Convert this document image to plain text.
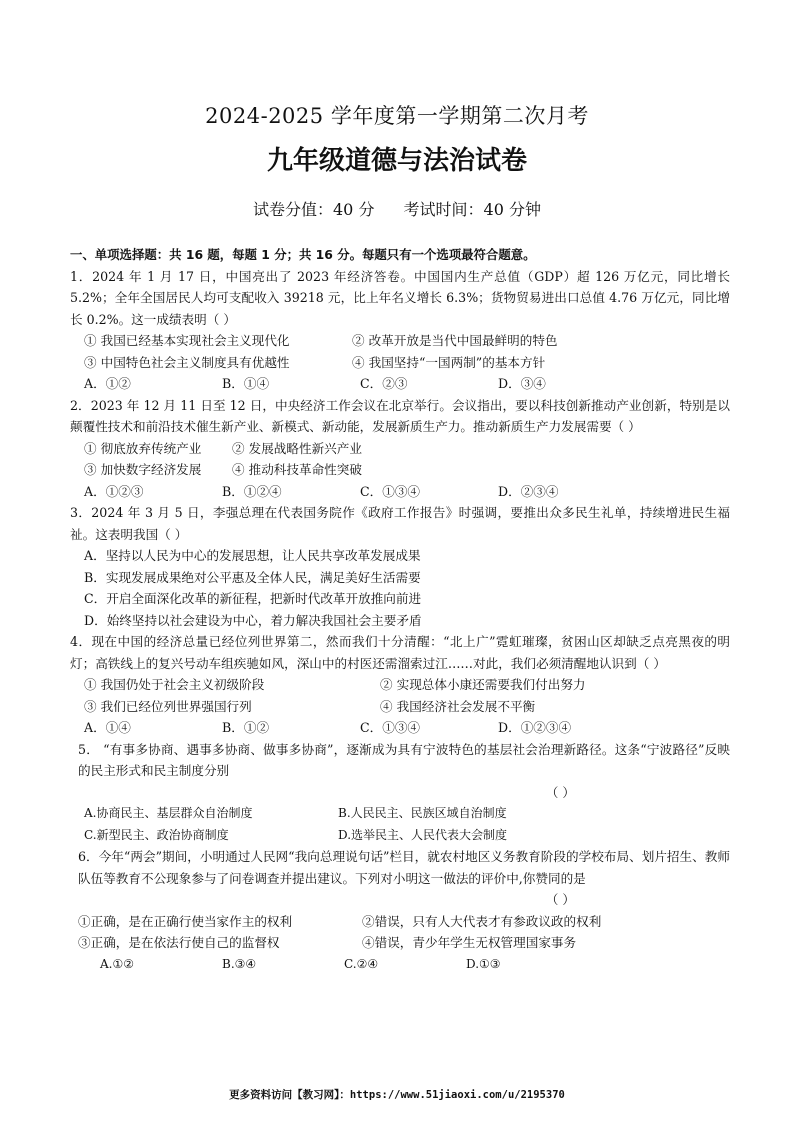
2024-2025 学年度第一学期第二次月考
九年级道德与法治试卷
试卷分值：40 分 考试时间：40 分钟

一、单项选择题：共 16 题，每题 1 分；共 16 分。每题只有一个选项最符合题意。

1．2024 年 1 月 17 日，中国亮出了 2023 年经济答卷。中国国内生产总值（GDP）超 126 万亿元，同比增长 5.2%；全年全国居民人均可支配收入 39218 元，比上年名义增长 6.3%；货物贸易进出口总值 4.76 万亿元，同比增长 0.2%。这一成绩表明（ ）

① 我国已经基本实现社会主义现代化	② 改革开放是当代中国最鲜明的特色
③ 中国特色社会主义制度具有优越性	④ 我国坚持“一国两制”的基本方针
A．①②	B．①④	C．②③	D．③④

2．2023 年 12 月 11 日至 12 日，中央经济工作会议在北京举行。会议指出，要以科技创新推动产业创新，特别是以颠覆性技术和前沿技术催生新产业、新模式、新动能，发展新质生产力。推动新质生产力发展需要（ ）

① 彻底放弃传统产业	② 发展战略性新兴产业
③ 加快数字经济发展	④ 推动科技革命性突破
A．①②③	B．①②④	C．①③④	D．②③④

3．2024 年 3 月 5 日，李强总理在代表国务院作《政府工作报告》时强调，要推出众多民生礼单，持续增进民生福祉。这表明我国（ ）

A．坚持以人民为中心的发展思想，让人民共享改革发展成果
B．实现发展成果绝对公平惠及全体人民，满足美好生活需要
C．开启全面深化改革的新征程，把新时代改革开放推向前进
D．始终坚持以社会建设为中心，着力解决我国社会主要矛盾

4．现在中国的经济总量已经位列世界第二，然而我们十分清醒：“北上广”霓虹璀璨，贫困山区却缺乏点亮黑夜的明灯；高铁线上的复兴号动车组疾驰如风，深山中的村医还需溜索过江……对此，我们必须清醒地认识到（ ）

① 我国仍处于社会主义初级阶段	② 实现总体小康还需要我们付出努力
③ 我们已经位列世界强国行列	④ 我国经济社会发展不平衡
A．①④	B．①②	C．①③④	D．①②③④

5． “有事多协商、遇事多协商、做事多协商”，逐渐成为具有宁波特色的基层社会治理新路径。这条“宁波路径”反映的民主形式和民主制度分别
（ ）

A.协商民主、基层群众自治制度	B.人民民主、民族区域自治制度
C.新型民主、政治协商制度	D.选举民主、人民代表大会制度

6．今年“两会”期间，小明通过人民网“我向总理说句话”栏目，就农村地区义务教育阶段的学校布局、划片招生、教师队伍等教育不公现象参与了问卷调查并提出建议。下列对小明这一做法的评价中,你赞同的是
（ ）

①正确，是在正确行使当家作主的权利	②错误，只有人大代表才有参政议政的权利
③正确，是在依法行使自己的监督权	④错误，青少年学生无权管理国家事务
A.①②	B.③④	C.②④	D.①③
更多资料访问【教习网】：https://www.51jiaoxi.com/u/2195370
